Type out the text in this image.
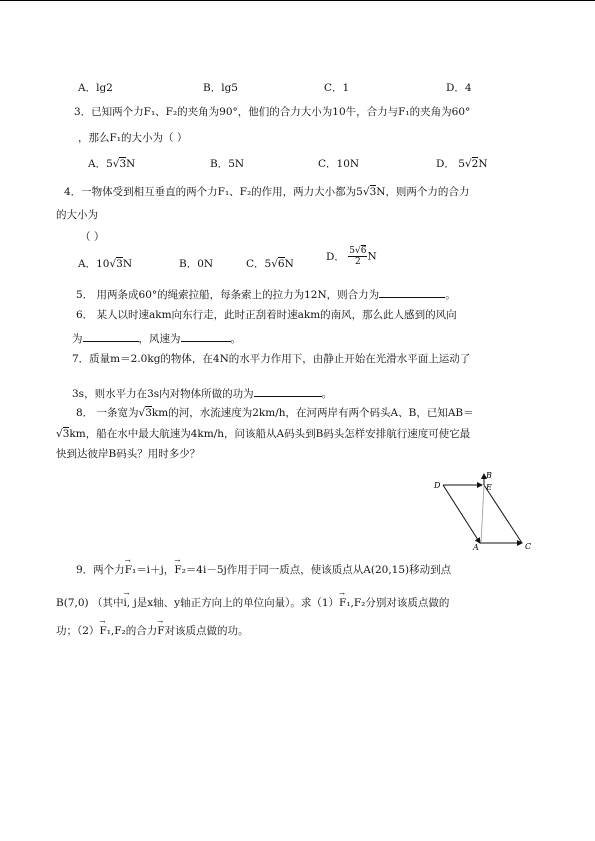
A．lg2	B．lg5	C．1	D．4
3．已知两个力F₁、F₂的夹角为90°，他们的合力大小为10牛，合力与F₁的夹角为60°
，那么F₁的大小为（ ）
A．5√3N	B．5N	C．10N	D． 5√2N
4．一物体受到相互垂直的两个力F₁、F₂的作用，两力大小都为5√3N，则两个力的合力
的大小为
（ ）
A．10√3N	B．0N	C．5√6N
D． $\frac{5√6}{2}$ N
5． 用两条成60°的绳索拉船，每条索上的拉力为12N，则合力为	。
6． 某人以时速akm向东行走，此时正刮着时速akm的南风，那么此人感到的风向
为	，风速为	。
7．质量m＝2.0kg的物体，在4N的水平力作用下，由静止开始在光滑水平面上运动了
3s，则水平力在3s内对物体所做的功为	。
8． 一条宽为√3km的河，水流速度为2km/h，在河两岸有两个码头A、B，已知AB＝
√3km，船在水中最大航速为4km/h，问该船从A码头到B码头怎样安排航行速度可使它最
快到达彼岸B码头？用时多少？
D
B
E
A	C
9．两个力→ F₁＝i＋j，→ F₂＝4i－5j作用于同一质点，使该质点从A(20,15)移动到点
B(7,0) （其中→ i, j是x轴、y轴正方向上的单位向量）。求（1）→ F₁,F₂分别对该质点做的
功；（2）→ F₁,F₂的合力→ F对该质点做的功。
